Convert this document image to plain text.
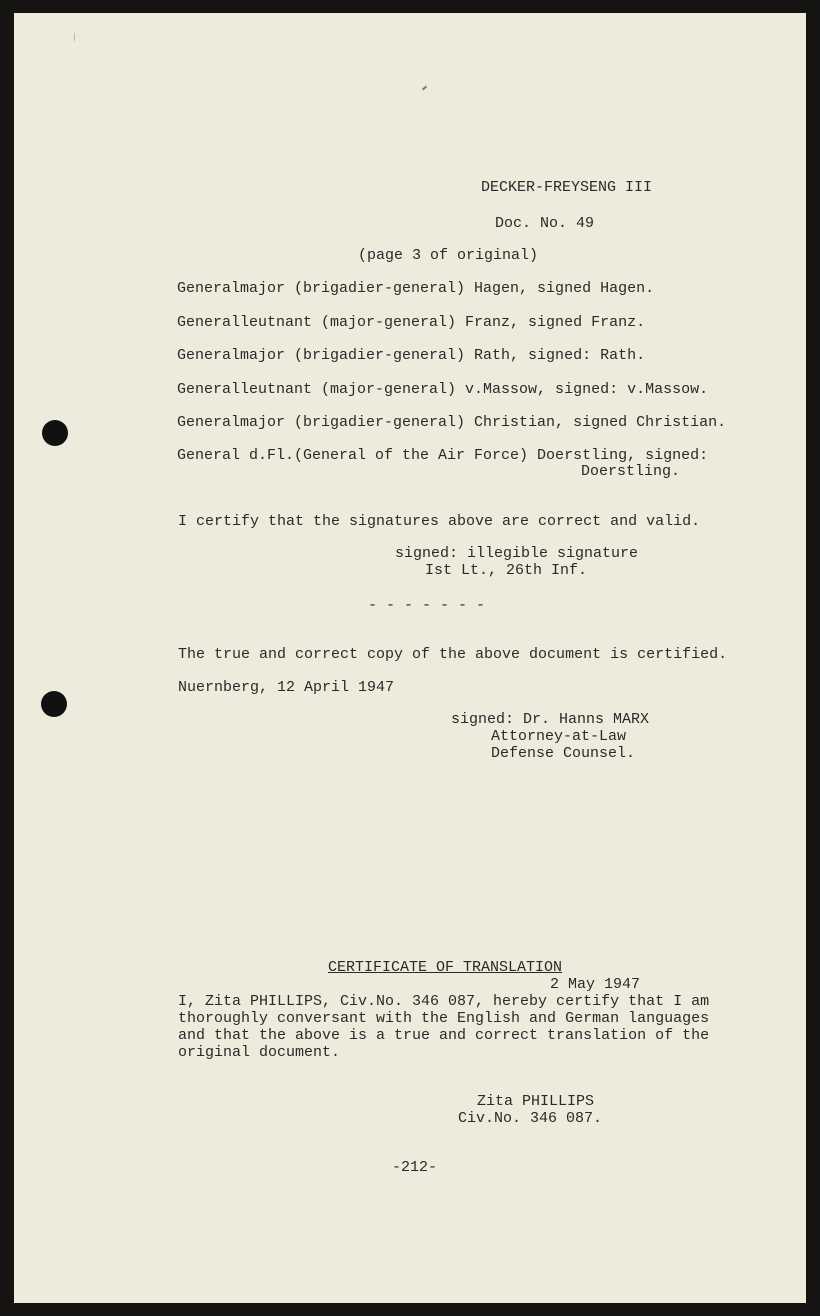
DECKER-FREYSENG III
Doc. No. 49
(page 3 of original)
Generalmajor (brigadier-general) Hagen, signed Hagen.
Generalleutnant (major-general) Franz, signed Franz.
Generalmajor (brigadier-general) Rath, signed: Rath.
Generalleutnant (major-general) v.Massow, signed: v.Massow.
Generalmajor (brigadier-general) Christian, signed Christian.
General d.Fl.(General of the Air Force) Doerstling, signed:
Doerstling.
I certify that the signatures above are correct and valid.
signed: illegible signature
Ist Lt., 26th Inf.
- - - - - - -
The true and correct copy of the above document is certified.
Nuernberg, 12 April 1947
signed: Dr. Hanns MARX
Attorney-at-Law
Defense Counsel.
CERTIFICATE OF TRANSLATION
2 May 1947
I, Zita PHILLIPS, Civ.No. 346 087, hereby certify that I am
thoroughly conversant with the English and German languages
and that the above is a true and correct translation of the
original document.
Zita PHILLIPS
Civ.No. 346 087.
-212-
